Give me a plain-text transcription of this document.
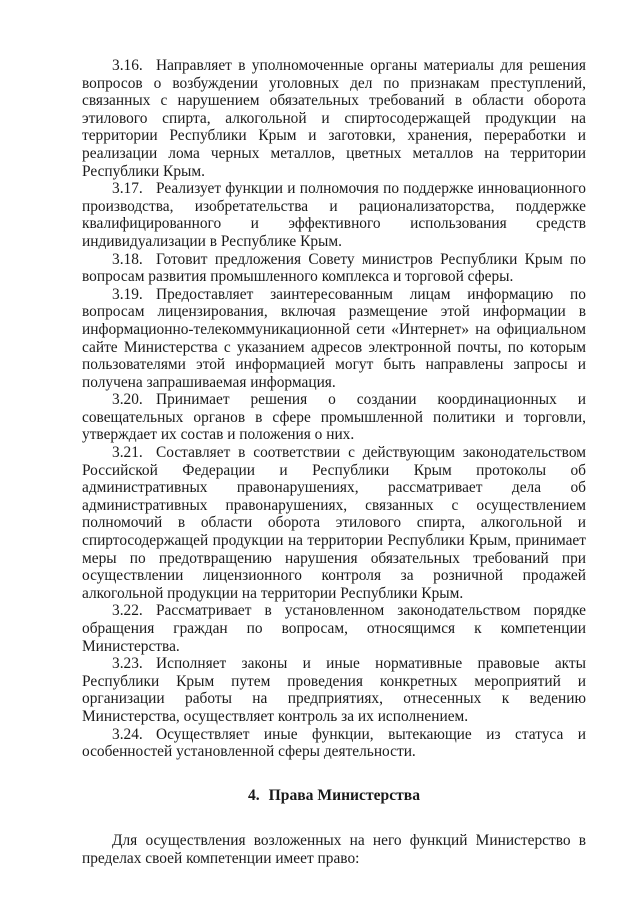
3.16. Направляет в уполномоченные органы материалы для решения вопросов о возбуждении уголовных дел по признакам преступлений, связанных с нарушением обязательных требований в области оборота этилового спирта, алкогольной и спиртосодержащей продукции на территории Республики Крым и заготовки, хранения, переработки и реализации лома черных металлов, цветных металлов на территории Республики Крым.

3.17. Реализует функции и полномочия по поддержке инновационного производства, изобретательства и рационализаторства, поддержке квалифицированного и эффективного использования средств индивидуализации в Республике Крым.

3.18. Готовит предложения Совету министров Республики Крым по вопросам развития промышленного комплекса и торговой сферы.

3.19. Предоставляет заинтересованным лицам информацию по вопросам лицензирования, включая размещение этой информации в информационно-телекоммуникационной сети «Интернет» на официальном сайте Министерства с указанием адресов электронной почты, по которым пользователями этой информацией могут быть направлены запросы и получена запрашиваемая информация.

3.20. Принимает решения о создании координационных и совещательных органов в сфере промышленной политики и торговли, утверждает их состав и положения о них.

3.21. Составляет в соответствии с действующим законодательством Российской Федерации и Республики Крым протоколы об административных правонарушениях, рассматривает дела об административных правонарушениях, связанных с осуществлением полномочий в области оборота этилового спирта, алкогольной и спиртосодержащей продукции на территории Республики Крым, принимает меры по предотвращению нарушения обязательных требований при осуществлении лицензионного контроля за розничной продажей алкогольной продукции на территории Республики Крым.

3.22. Рассматривает в установленном законодательством порядке обращения граждан по вопросам, относящимся к компетенции Министерства.

3.23. Исполняет законы и иные нормативные правовые акты Республики Крым путем проведения конкретных мероприятий и организации работы на предприятиях, отнесенных к ведению Министерства, осуществляет контроль за их исполнением.

3.24. Осуществляет иные функции, вытекающие из статуса и особенностей установленной сферы деятельности.

4. Права Министерства

Для осуществления возложенных на него функций Министерство в пределах своей компетенции имеет право:
